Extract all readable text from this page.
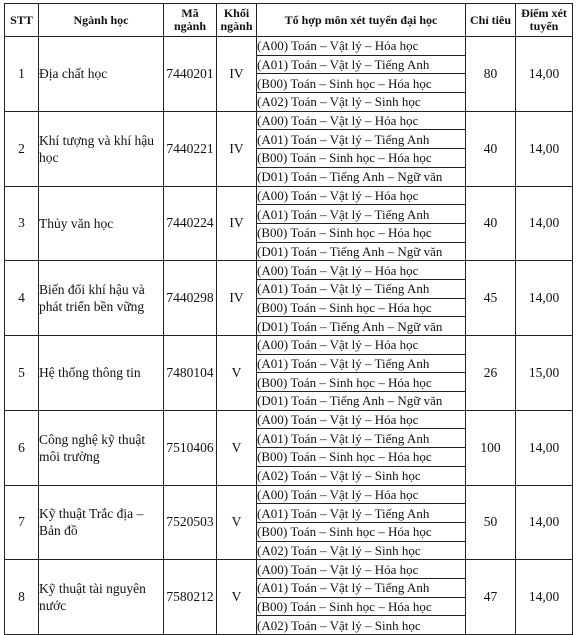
STT	Ngành học	Mã ngành	Khối ngành	Tổ hợp môn xét tuyển đại học	Chỉ tiêu	Điểm xét tuyển
1	Địa chất học	7440201	IV	(A00) Toán – Vật lý – Hóa học	80	14,00
				(A01) Toán – Vật lý – Tiếng Anh		
				(B00) Toán – Sinh học – Hóa học		
				(A02) Toán – Vật lý – Sinh học		
2	Khí tượng và khí hậu học	7440221	IV	(A00) Toán – Vật lý – Hóa học	40	14,00
				(A01) Toán – Vật lý – Tiếng Anh		
				(B00) Toán – Sinh học – Hóa học		
				(D01) Toán – Tiếng Anh – Ngữ văn		
3	Thủy văn học	7440224	IV	(A00) Toán – Vật lý – Hóa học	40	14,00
				(A01) Toán – Vật lý – Tiếng Anh		
				(B00) Toán – Sinh học – Hóa học		
				(D01) Toán – Tiếng Anh – Ngữ văn		
4	Biến đổi khí hậu và phát triển bền vững	7440298	IV	(A00) Toán – Vật lý – Hóa học	45	14,00
				(A01) Toán – Vật lý – Tiếng Anh		
				(B00) Toán – Sinh học – Hóa học		
				(D01) Toán – Tiếng Anh – Ngữ văn		
5	Hệ thống thông tin	7480104	V	(A00) Toán – Vật lý – Hóa học	26	15,00
				(A01) Toán – Vật lý – Tiếng Anh		
				(B00) Toán – Sinh học – Hóa học		
				(D01) Toán – Tiếng Anh – Ngữ văn		
6	Công nghệ kỹ thuật môi trường	7510406	V	(A00) Toán – Vật lý – Hóa học	100	14,00
				(A01) Toán – Vật lý – Tiếng Anh		
				(B00) Toán – Sinh học – Hóa học		
				(A02) Toán – Vật lý – Sinh học		
7	Kỹ thuật Trắc địa – Bản đồ	7520503	V	(A00) Toán – Vật lý – Hóa học	50	14,00
				(A01) Toán – Vật lý – Tiếng Anh		
				(B00) Toán – Sinh học – Hóa học		
				(A02) Toán – Vật lý – Sinh học		
8	Kỹ thuật tài nguyên nước	7580212	V	(A00) Toán – Vật lý – Hóa học	47	14,00
				(A01) Toán – Vật lý – Tiếng Anh		
				(B00) Toán – Sinh học – Hóa học		
				(A02) Toán – Vật lý – Sinh học		
